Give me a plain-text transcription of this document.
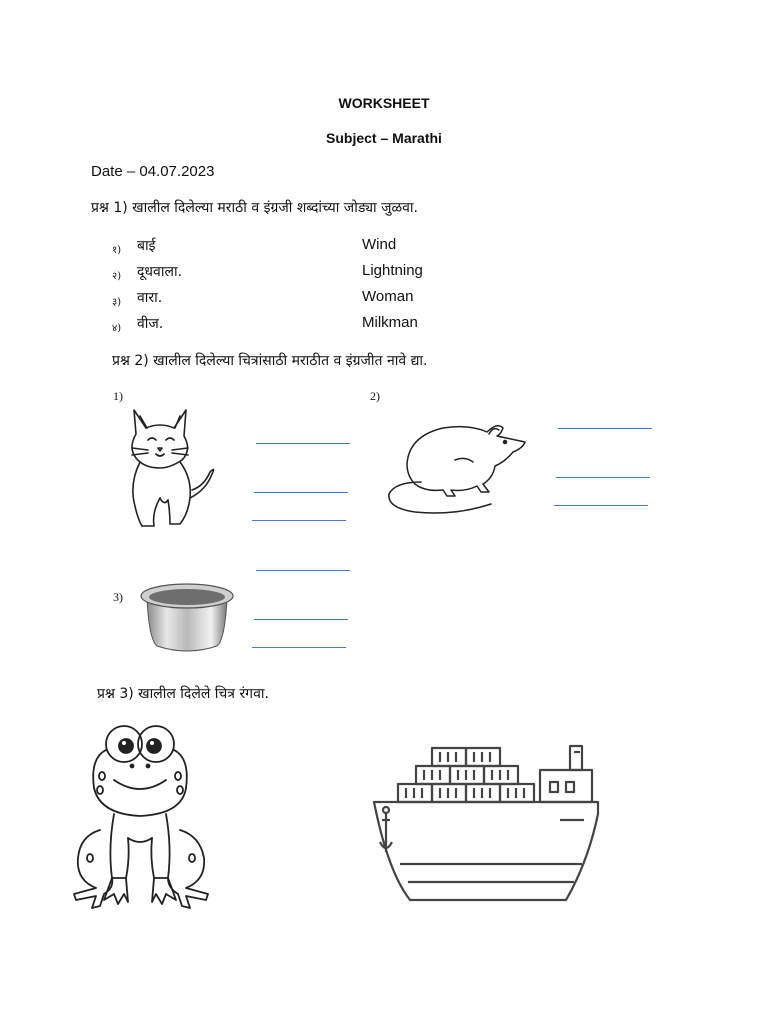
WORKSHEET
Subject – Marathi
Date – 04.07.2023
प्रश्न 1) खालील दिलेल्या मराठी व इंग्रजी शब्दांच्या जोड्या जुळवा.
१) बाई	Wind
२) दूधवाला.	Lightning
३) वारा.	Woman
४) वीज.	Milkman
प्रश्न 2) खालील दिलेल्या चित्रांसाठी मराठीत व इंग्रजीत नावे द्या.
1)	2)
3)
प्रश्न 3) खालील दिलेले चित्र रंगवा.
